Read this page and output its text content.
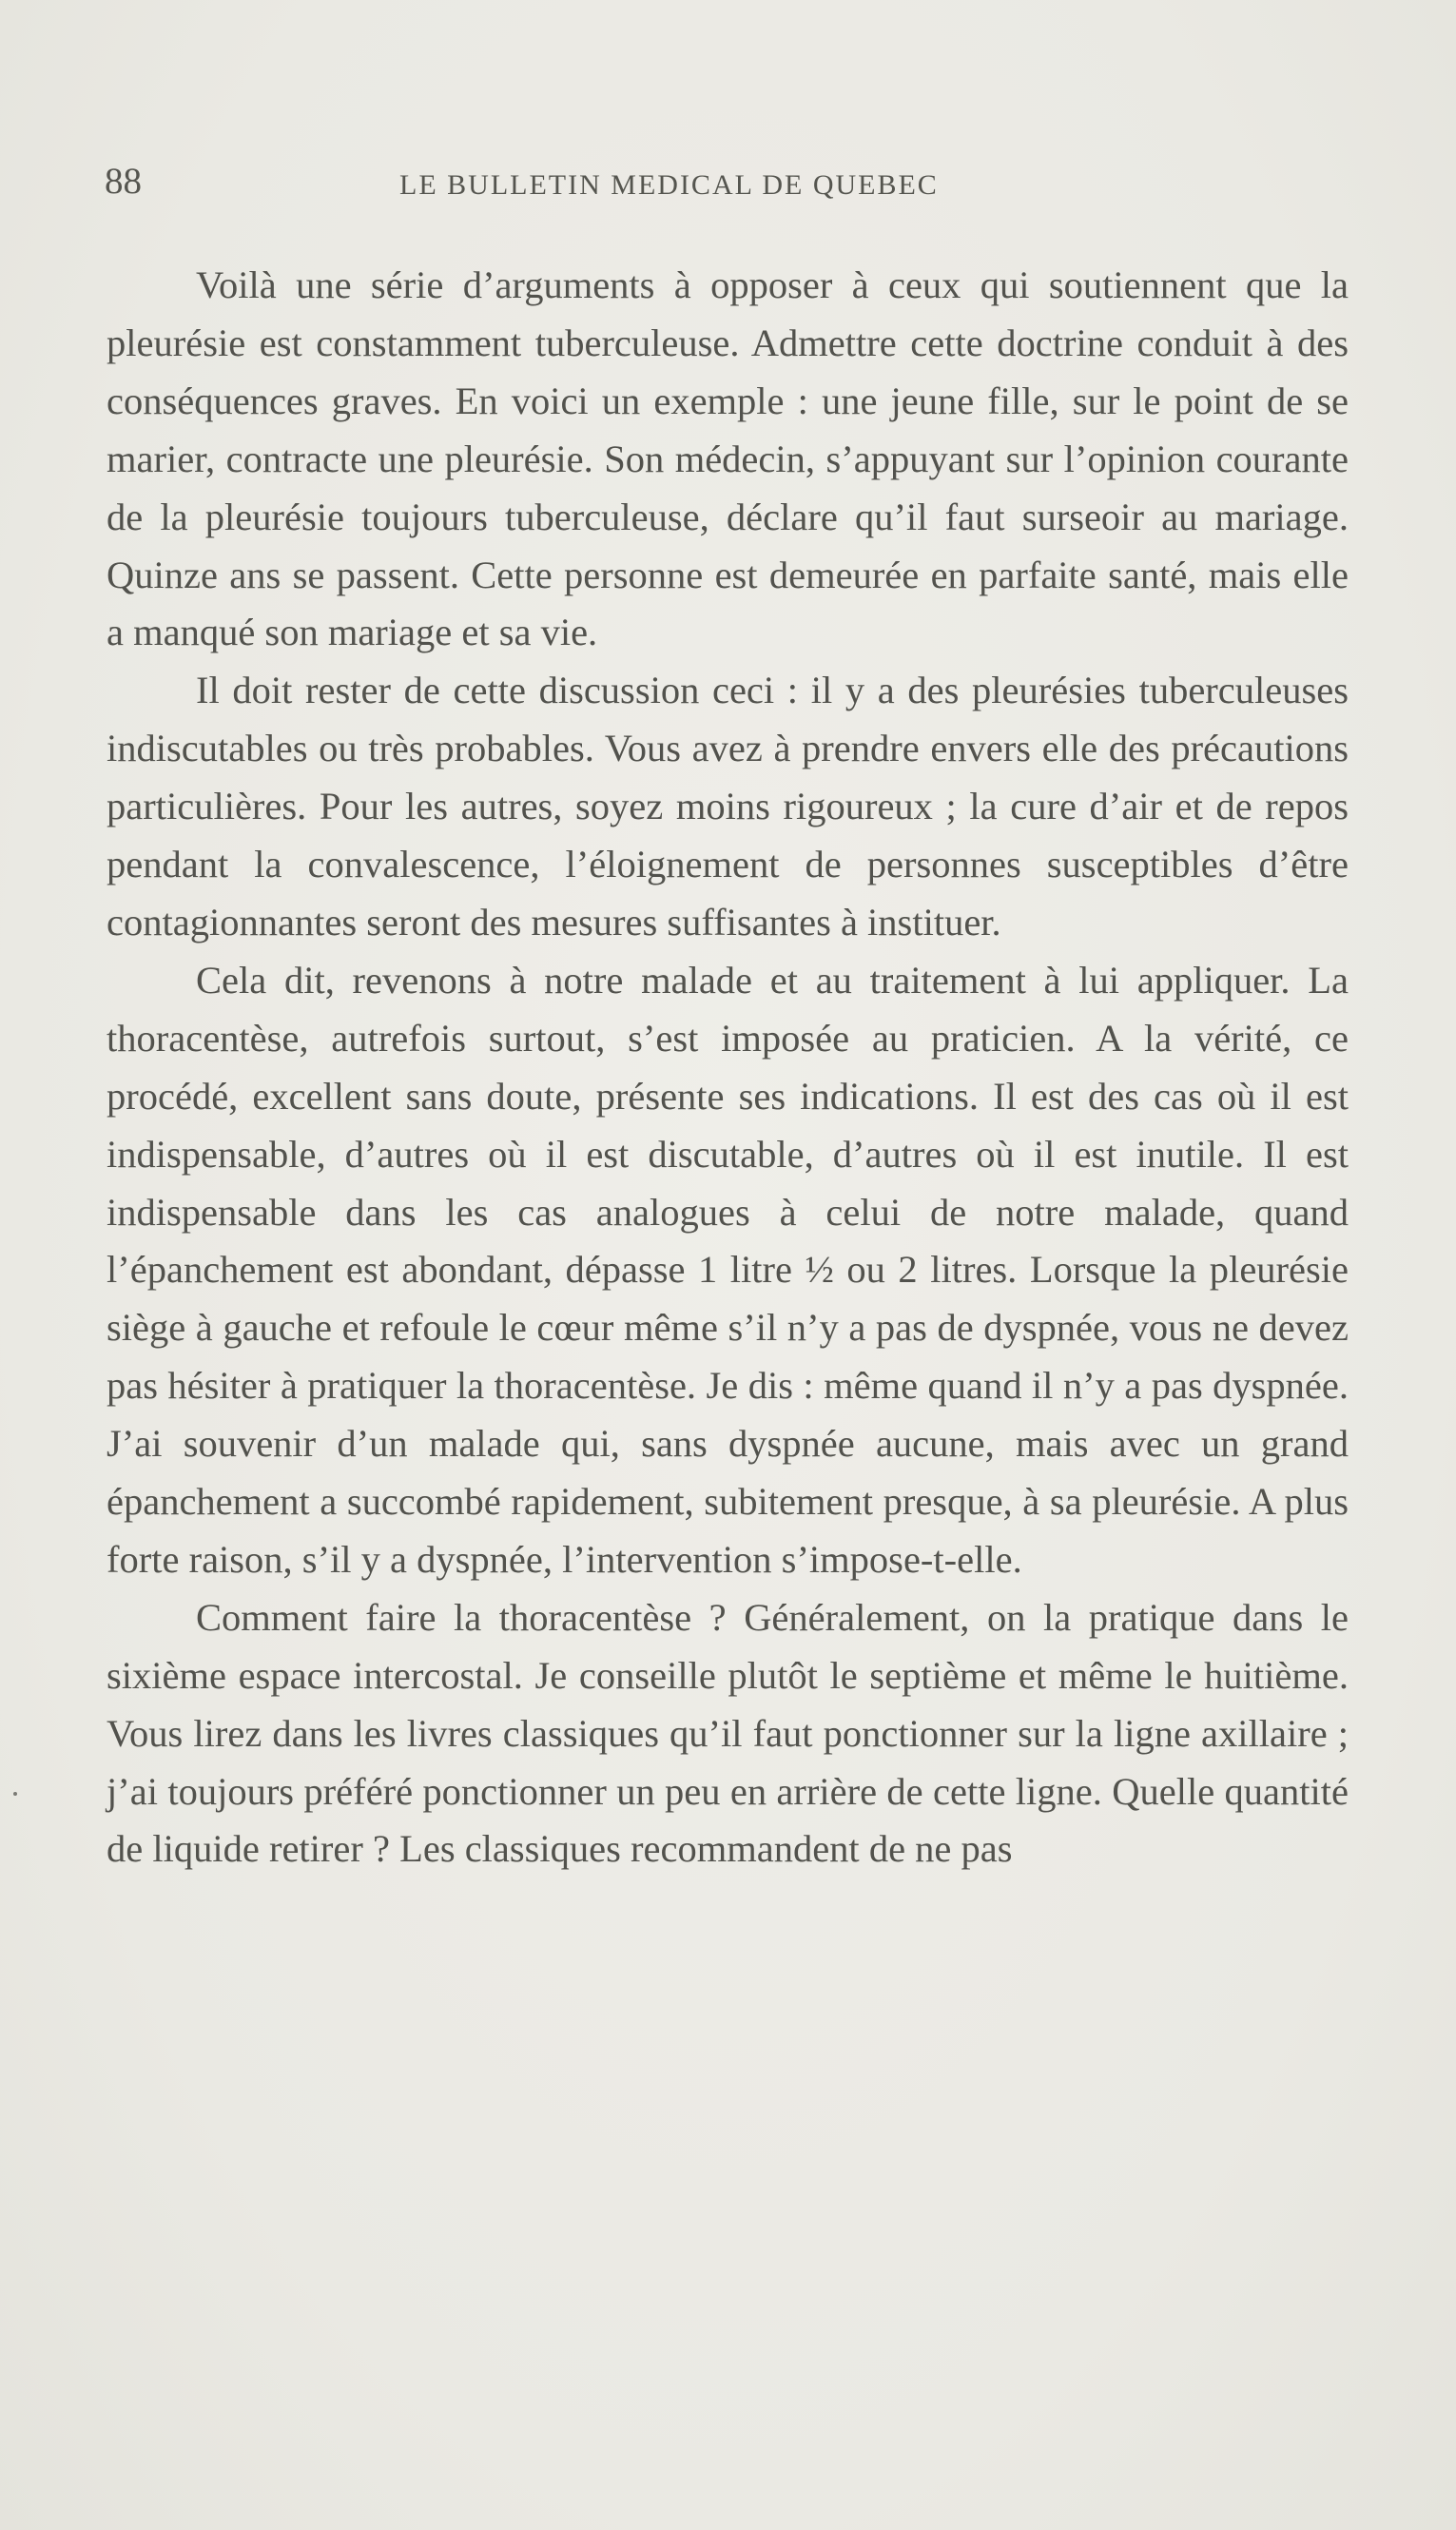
88	LE BULLETIN MEDICAL DE QUEBEC

Voilà une série d’arguments à opposer à ceux qui soutiennent que la pleurésie est constamment tuberculeuse. Admettre cette doctrine conduit à des conséquences graves. En voici un exemple : une jeune fille, sur le point de se marier, contracte une pleurésie. Son médecin, s’appuyant sur l’opinion courante de la pleurésie toujours tuberculeuse, déclare qu’il faut surseoir au mariage. Quinze ans se passent. Cette personne est demeurée en parfaite santé, mais elle a manqué son mariage et sa vie.

Il doit rester de cette discussion ceci : il y a des pleurésies tuberculeuses indiscutables ou très probables. Vous avez à prendre envers elle des précautions particulières. Pour les autres, soyez moins rigoureux ; la cure d’air et de repos pendant la convalescence, l’éloignement de personnes susceptibles d’être contagionnantes seront des mesures suffisantes à instituer.

Cela dit, revenons à notre malade et au traitement à lui appliquer. La thoracentèse, autrefois surtout, s’est imposée au praticien. A la vérité, ce procédé, excellent sans doute, présente ses indications. Il est des cas où il est indispensable, d’autres où il est discutable, d’autres où il est inutile. Il est indispensable dans les cas analogues à celui de notre malade, quand l’épanchement est abondant, dépasse 1 litre ½ ou 2 litres. Lorsque la pleurésie siège à gauche et refoule le cœur même s’il n’y a pas de dyspnée, vous ne devez pas hésiter à pratiquer la thoracentèse. Je dis : même quand il n’y a pas dyspnée. J’ai souvenir d’un malade qui, sans dyspnée aucune, mais avec un grand épanchement a succombé rapidement, subitement presque, à sa pleurésie. A plus forte raison, s’il y a dyspnée, l’intervention s’impose-t-elle.

Comment faire la thoracentèse ? Généralement, on la pratique dans le sixième espace intercostal. Je conseille plutôt le septième et même le huitième. Vous lirez dans les livres classiques qu’il faut ponctionner sur la ligne axillaire ; j’ai toujours préféré ponctionner un peu en arrière de cette ligne. Quelle quantité de liquide retirer ? Les classiques recommandent de ne pas
